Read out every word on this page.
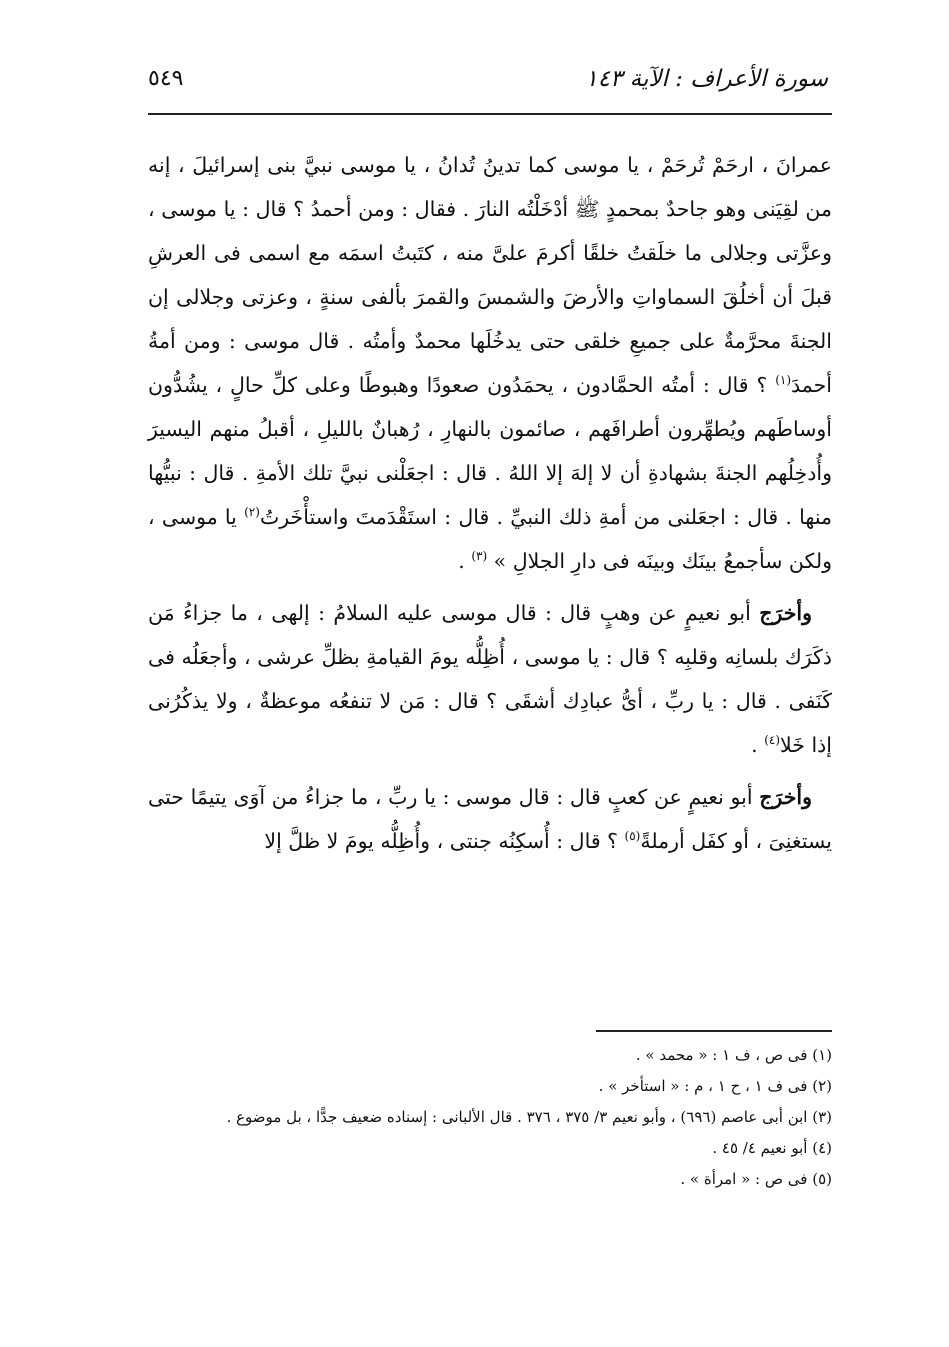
سورة الأعراف : الآية ١٤٣
٥٤٩

عمرانَ ، ارحَمْ تُرحَمْ ، يا موسى كما تدينُ تُدانُ ، يا موسى نبيَّ بنى إسرائيلَ ، إنه من لقِيَنى وهو جاحدٌ بمحمدٍ ﷺ أدْخَلْتُه النارَ . فقال : ومن أحمدُ ؟ قال : يا موسى ، وعزَّتى وجلالى ما خلَقتُ خلقًا أكرمَ علىَّ منه ، كتَبتُ اسمَه مع اسمى فى العرشِ قبلَ أن أخلُقَ السماواتِ والأرضَ والشمسَ والقمرَ بألفى سنةٍ ، وعزتى وجلالى إن الجنةَ محرَّمةٌ على جميعِ خلقى حتى يدخُلَها محمدٌ وأمتُه . قال موسى : ومن أمةُ أحمدَ$^{(١)}$ ؟ قال : أمتُه الحمَّادون ، يحمَدُون صعودًا وهبوطًا وعلى كلِّ حالٍ ، يشُدُّون أوساطَهم ويُطهِّرون أطرافَهم ، صائمون بالنهارِ ، رُهبانٌ بالليلِ ، أقبلُ منهم اليسيرَ وأُدخِلُهم الجنةَ بشهادةِ أن لا إلهَ إلا اللهُ . قال : اجعَلْنى نبيَّ تلك الأمةِ . قال : نبيُّها منها . قال : اجعَلنى من أمةِ ذلك النبيِّ . قال : استَقْدَمتَ واستأْخَرتُ$^{(٢)}$ يا موسى ، ولكن سأجمعُ بينَك وبينَه فى دارِ الجلالِ » $^{(٣)}$ .

وأخرَج أبو نعيمٍ عن وهبٍ قال : قال موسى عليه السلامُ : إلهى ، ما جزاءُ مَن ذكَرَك بلسانِه وقلبِه ؟ قال : يا موسى ، أُظِلُّه يومَ القيامةِ بظلِّ عرشى ، وأجعَلُه فى كَنَفى . قال : يا ربِّ ، أىُّ عبادِك أشقَى ؟ قال : مَن لا تنفعُه موعظةٌ ، ولا يذكُرُنى إذا خَلا$^{(٤)}$ .

وأخرَج أبو نعيمٍ عن كعبٍ قال : قال موسى : يا ربِّ ، ما جزاءُ من آوَى يتيمًا حتى يستغنِىَ ، أو كفَل أرملةً$^{(٥)}$ ؟ قال : أُسكِنُه جنتى ، وأُظِلُّه يومَ لا ظلَّ إلا

(١) فى ص ، ف ١ : « محمد » .

(٢) فى ف ١ ، ح ١ ، م : « استأخر » .

(٣) ابن أبى عاصم (٦٩٦) ، وأبو نعيم ٣/ ٣٧٥ ، ٣٧٦ . قال الألبانى : إسناده ضعيف جدًّا ، بل موضوع .

(٤) أبو نعيم ٤/ ٤٥ .

(٥) فى ص : « امرأة » .
